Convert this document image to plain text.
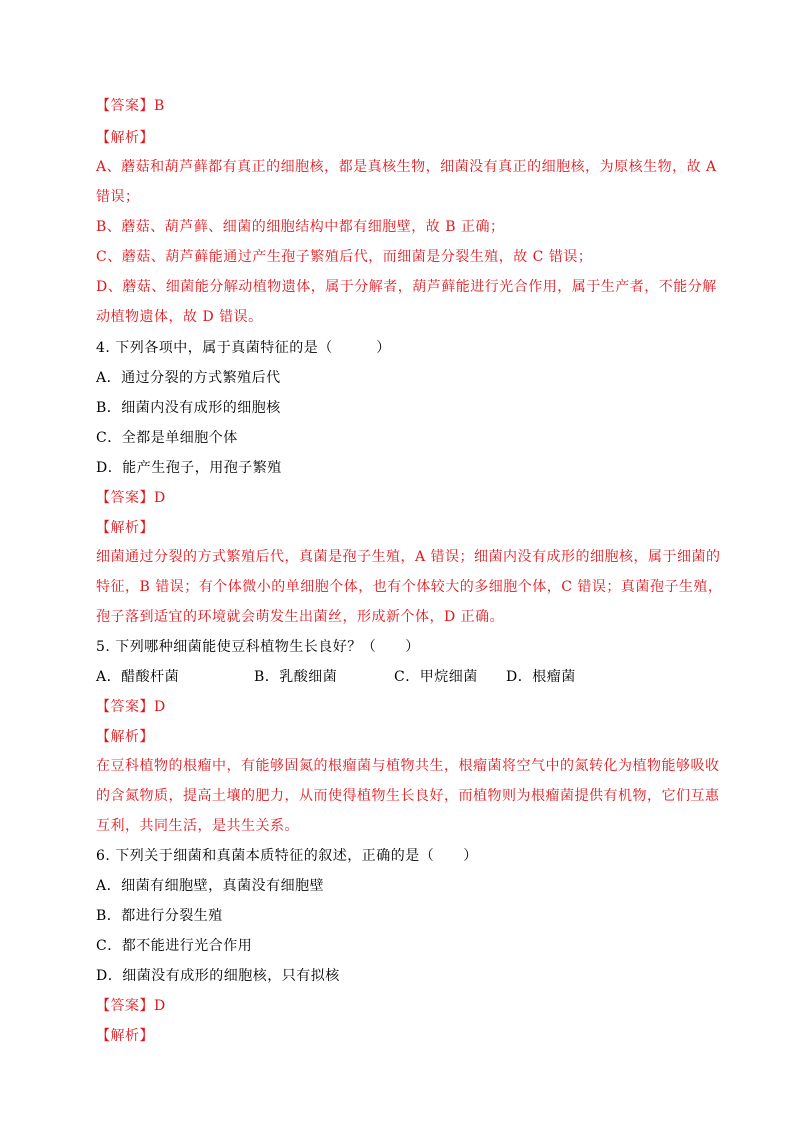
【答案】B
【解析】
A、蘑菇和葫芦藓都有真正的细胞核，都是真核生物，细菌没有真正的细胞核，为原核生物，故 A
错误；
B、蘑菇、葫芦藓、细菌的细胞结构中都有细胞壁，故 B 正确；
C、蘑菇、葫芦藓能通过产生孢子繁殖后代，而细菌是分裂生殖，故 C 错误；
D、蘑菇、细菌能分解动植物遗体，属于分解者，葫芦藓能进行光合作用，属于生产者，不能分解
动植物遗体，故 D 错误。
4. 下列各项中，属于真菌特征的是（　　　）
A．通过分裂的方式繁殖后代
B．细菌内没有成形的细胞核
C．全都是单细胞个体
D．能产生孢子，用孢子繁殖
【答案】D
【解析】
细菌通过分裂的方式繁殖后代，真菌是孢子生殖，A 错误；细菌内没有成形的细胞核，属于细菌的
特征，B 错误；有个体微小的单细胞个体，也有个体较大的多细胞个体，C 错误；真菌孢子生殖，
孢子落到适宜的环境就会萌发生出菌丝，形成新个体，D 正确。
5. 下列哪种细菌能使豆科植物生长良好？（　　）
A．醋酸杆菌	B．乳酸细菌	C．甲烷细菌 D．根瘤菌
【答案】D
【解析】
在豆科植物的根瘤中，有能够固氮的根瘤菌与植物共生，根瘤菌将空气中的氮转化为植物能够吸收
的含氮物质，提高土壤的肥力，从而使得植物生长良好，而植物则为根瘤菌提供有机物，它们互惠
互利，共同生活，是共生关系。
6. 下列关于细菌和真菌本质特征的叙述，正确的是（　　）
A．细菌有细胞壁，真菌没有细胞壁
B．都进行分裂生殖
C．都不能进行光合作用
D．细菌没有成形的细胞核，只有拟核
【答案】D
【解析】
